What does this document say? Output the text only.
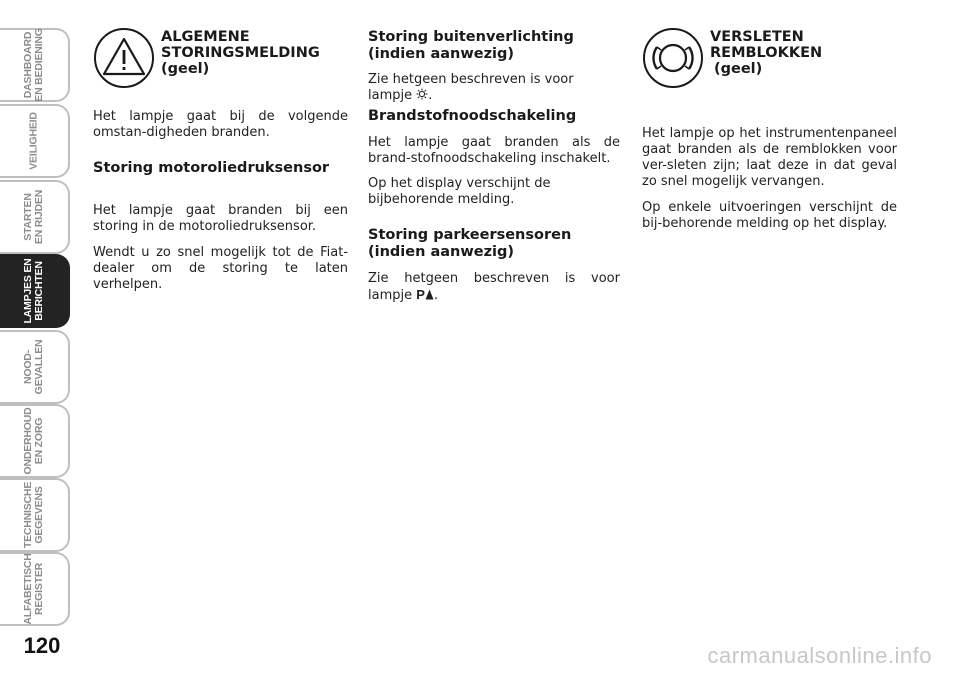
DASHBOARD
EN BEDIENING
VEILIGHEID
STARTEN
EN RIJDEN
LAMPJES EN
BERICHTEN
NOOD-
GEVALLEN
ONDERHOUD
EN ZORG
TECHNISCHE
GEGEVENS
ALFABETISCH
REGISTER
120
ALGEMENE
STORINGSMELDING
(geel)

Het lampje gaat bij de volgende omstan-digheden branden.

Storing motoroliedruksensor

Het lampje gaat branden bij een storing in de motoroliedruksensor.

Wendt u zo snel mogelijk tot de Fiat-dealer om de storing te laten verhelpen.

Storing buitenverlichting (indien aanwezig)

Zie hetgeen beschreven is voor lampje .

Brandstofnoodschakeling

Het lampje gaat branden als de brand-stofnoodschakeling inschakelt.

Op het display verschijnt de bijbehorende melding.

Storing parkeersensoren
(indien aanwezig)

Zie hetgeen beschreven is voor lampje P .

VERSLETEN
REMBLOKKEN
(geel)

Het lampje op het instrumentenpaneel gaat branden als de remblokken voor ver-sleten zijn; laat deze in dat geval zo snel mogelijk vervangen.

Op enkele uitvoeringen verschijnt de bij-behorende melding op het display.

carmanualsonline.info
